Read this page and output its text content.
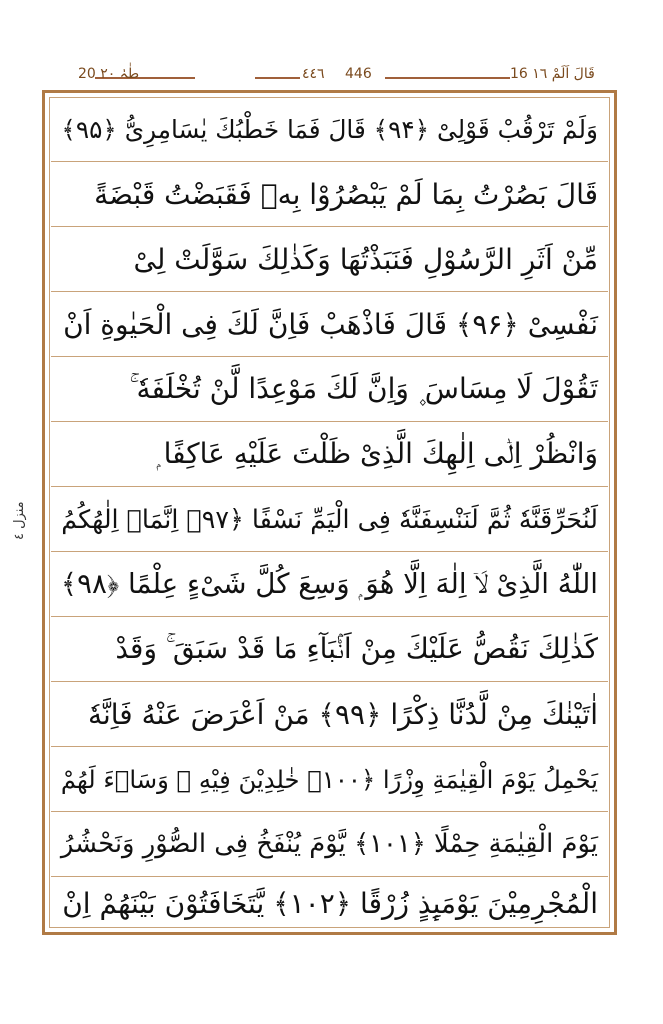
20 طٰہٰ ٢٠	٤٤٦ 446	16 قَالَ اَلَمْ ١٦
منزل ٤
وَلَمْ تَرْقُبْ قَوْلِیْ ﴿۹۴﴾ قَالَ فَمَا خَطْبُكَ يٰسَامِرِیُّ ﴿۹۵﴾
قَالَ بَصُرْتُ بِمَا لَمْ يَبْصُرُوْا بِهٖ فَقَبَضْتُ قَبْضَةً
مِّنْ اَثَرِ الرَّسُوْلِ فَنَبَذْتُهَا وَكَذٰلِكَ سَوَّلَتْ لِیْ
نَفْسِیْ ﴿۹۶﴾ قَالَ فَاذْهَبْ فَاِنَّ لَكَ فِی الْحَيٰوةِ اَنْ
تَقُوْلَ لَا مِسَاسَ ۪ وَاِنَّ لَكَ مَوْعِدًا لَّنْ تُخْلَفَهٗ ۚ
وَانْظُرْ اِلٰۤى اِلٰهِكَ الَّذِیْ ظَلْتَ عَلَيْهِ عَاكِفًا ۭ
لَنُحَرِّقَنَّهٗ ثُمَّ لَنَنْسِفَنَّهٗ فِی الْيَمِّ نَسْفًا ﴿۹۷﴾ اِنَّمَاۤ اِلٰهُكُمُ
اللّٰهُ الَّذِیْ لَاۤ اِلٰهَ اِلَّا هُوَ ۭ وَسِعَ كُلَّ شَیْءٍ عِلْمًا ﴿۹۸﴾
كَذٰلِكَ نَقُصُّ عَلَيْكَ مِنْ اَنْۢبَآءِ مَا قَدْ سَبَقَ ۚ وَقَدْ
اٰتَيْنٰكَ مِنْ لَّدُنَّا ذِكْرًا ﴿۹۹﴾ مَنْ اَعْرَضَ عَنْهُ فَاِنَّهٗ
يَحْمِلُ يَوْمَ الْقِيٰمَةِ وِزْرًا ﴿۱۰۰﴾ خٰلِدِيْنَ فِيْهِ ۭ وَسَاۗءَ لَهُمْ
يَوْمَ الْقِيٰمَةِ حِمْلًا ﴿۱۰۱﴾ يَّوْمَ يُنْفَخُ فِی الصُّوْرِ وَنَحْشُرُ
الْمُجْرِمِيْنَ يَوْمَىِٕذٍ زُرْقًا ﴿۱۰۲﴾ يَّتَخَافَتُوْنَ بَيْنَهُمْ اِنْ
